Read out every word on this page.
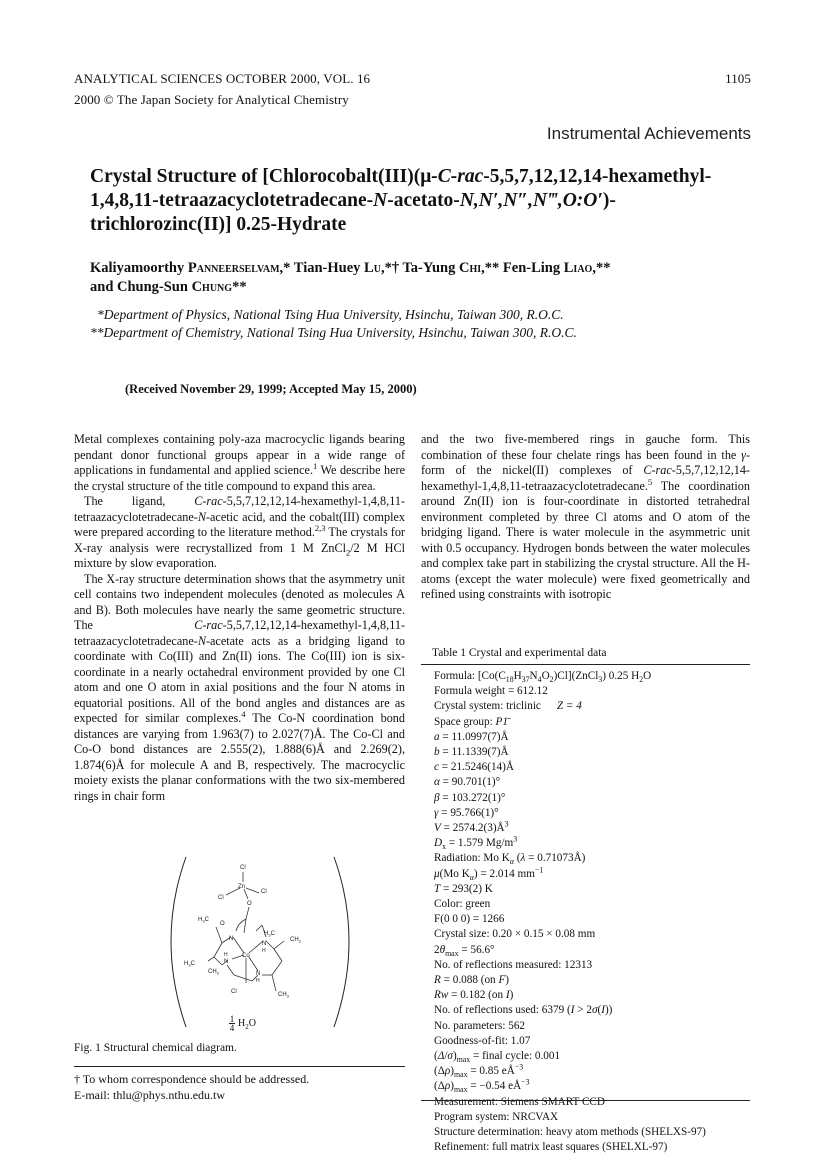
ANALYTICAL SCIENCES OCTOBER 2000, VOL. 16
2000 © The Japan Society for Analytical Chemistry
1105
Instrumental Achievements
Crystal Structure of [Chlorocobalt(III)(μ-C-rac-5,5,7,12,12,14-hexamethyl-
1,4,8,11-tetraazacyclotetradecane-N-acetato-N,N′,N″,N‴,O:O′)-
trichlorozinc(II)] 0.25-Hydrate
Kaliyamoorthy Panneerselvam,* Tian-Huey Lu,*† Ta-Yung Chi,** Fen-Ling Liao,**
and Chung-Sun Chung**
*Department of Physics, National Tsing Hua University, Hsinchu, Taiwan 300, R.O.C.
**Department of Chemistry, National Tsing Hua University, Hsinchu, Taiwan 300, R.O.C.
(Received November 29, 1999; Accepted May 15, 2000)

Metal complexes containing poly-aza macrocyclic ligands bearing pendant donor functional groups appear in a wide range of applications in fundamental and applied science.$^1$ We describe here the crystal structure of the title compound to expand this area.

The ligand, C-rac-5,5,7,12,12,14-hexamethyl-1,4,8,11-tetraazacyclotetradecane-N-acetic acid, and the cobalt(III) complex were prepared according to the literature method.$^{2,3}$ The crystals for X-ray analysis were recrystallized from 1 M ZnCl$_2$/2 M HCl mixture by slow evaporation.

The X-ray structure determination shows that the asymmetry unit cell contains two independent molecules (denoted as molecules A and B). Both molecules have nearly the same geometric structure. The C-rac-5,5,7,12,12,14-hexamethyl-1,4,8,11-tetraazacyclotetradecane-N-acetate acts as a bridging ligand to coordinate with Co(III) and Zn(II) ions. The Co(III) ion is six-coordinate in a nearly octahedral environment provided by one Cl atom and one O atom in axial positions and the four N atoms in equatorial positions. All of the bond angles and distances are as expected for similar complexes.$^4$ The Co-N coordination bond distances are varying from 1.963(7) to 2.027(7)Å. The Co-Cl and Co-O bond distances are 2.555(2), 1.888(6)Å and 2.269(2), 1.874(6)Å for molecule A and B, respectively. The macrocyclic moiety exists the planar conformations with the two six-membered rings in chair form

and the two five-membered rings in gauche form. This combination of these four chelate rings has been found in the γ-form of the nickel(II) complexes of C-rac-5,5,7,12,12,14-hexamethyl-1,4,8,11-tetraazacyclotetradecane.$^5$ The coordination around Zn(II) ion is four-coordinate in distorted tetrahedral environment completed by three Cl atoms and O atom of the bridging ligand. There is water molecule in the asymmetric unit with 0.5 occupancy. Hydrogen bonds between the water molecules and complex take part in stabilizing the crystal structure. All the H-atoms (except the water molecule) were fixed geometrically and refined using constraints with isotropic

Table 1 Crystal and experimental data
Formula: $[Co(C_{18}H_{37}N_4O_2)Cl](ZnCl_3)$ 0.25 $H_2O$
Formula weight = 612.12
Crystal system: triclinic Z = 4
Space group: P1̄
a = 11.0997(7)Å
b = 11.1339(7)Å
c = 21.5246(14)Å
α = 90.701(1)°
β = 103.272(1)°
γ = 95.766(1)°
$V = 2574.2(3)Å^3$
$D_x = 1.579$ $Mg/m^3$
Radiation: Mo $K_\alpha$ (λ = 0.71073Å)
μ(Mo $K_\alpha) = 2.014$ $mm^{-1}$
T = 293(2) K
Color: green
F(0 0 0) = 1266
Crystal size: 0.20 × 0.15 × 0.08 mm
$2\theta_{max} = 56.6^\circ$
No. of reflections measured: 12313
R = 0.088 (on F)
Rw = 0.182 (on I)
No. of reflections used: 6379 (I > 2σ(I))
No. parameters: 562
Goodness-of-fit: 1.07
$(\Delta/\sigma)_{max}$ = final cycle: 0.001
$(\Delta\rho)_{max} = 0.85$ $eÅ^{-3}$
$(\Delta\rho)_{max} = -0.54$ $eÅ^{-3}$
Measurement: Siemens SMART CCD
Program system: NRCVAX
Structure determination: heavy atom methods (SHELXS-97)
Refinement: full matrix least squares (SHELXL-97)
Cl
Zn
Cl
Cl
O
O
$H_3C$
$H_3C$
$CH_3$
N
N
H
N
H
N
H
Co
$H_3C$
$CH_3$
Cl	$CH_3$
1
4 $H_2O$
Fig. 1 Structural chemical diagram.
† To whom correspondence should be addressed.
E-mail: thlu@phys.nthu.edu.tw
